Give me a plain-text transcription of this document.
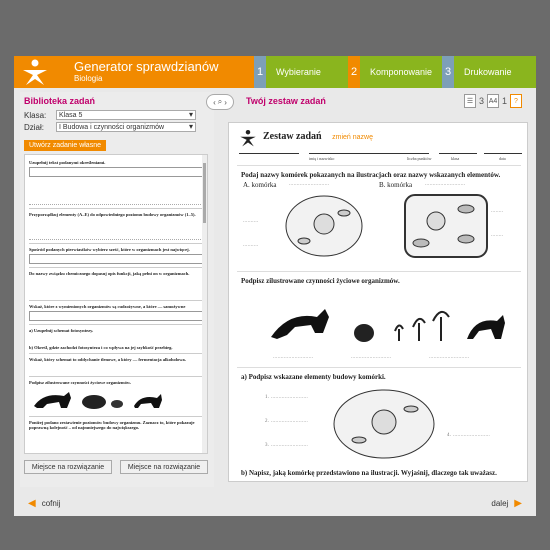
Generator sprawdzianów
Biologia
1	Wybieranie	2	Komponowanie 3	Drukowanie
Biblioteka zadań
Klasa:	Klasa 5 ▾
Dział:	I Budowa i czynności organizmów ▾
Utwórz zadanie własne

Uzupełnij tekst podanymi określeniami.

Przyporządkuj elementy (A–E) do odpowiedniego poziomu budowy organizmów (1–5).

Spośród podanych pierwiastków wybierz sześć, które w organizmach jest najwięcej.

Do nazwy związku chemicznego dopasuj opis funkcji, jaką pełni on w organizmach.

Wskaż, które z wymienionych organizmów są cudzożywne, a które — samożywne

a) Uzupełnij schemat fotosyntezy.

b) Określ, gdzie zachodzi fotosynteza i co wpływa na jej szybkość przebieg.

Wskaż, który schemat to oddychanie tlenowe, a który — fermentacja alkoholowa.

Podpisz zilustrowane czynności życiowe organizmów.

Poniżej podano zestawienie poziomów budowy organizmu. Zaznacz to, które pokazuje poprawną kolejność – od najmniejszego do największego.

Miejsce na rozwiązanie	Miejsce na rozwiązanie
‹ ⌕ › Twój zestaw zadań	☰ 3 A4 1	?
Zestaw zadań zmień nazwę
imię i nazwisko	liczba punktów	klasa	data
Podaj nazwy komórek pokazanych na ilustracjach oraz nazwy wskazanych elementów.
A. komórka	B. komórka
..........................	..........................
..........
..........
........
........
Podpisz zilustrowane czynności życiowe organizmów.
..........................	..........................	..........................
a) Podpisz wskazane elementy budowy komórki.
1. ........................
2. ........................
3. ........................
4. ........................
b) Napisz, jaką komórkę przedstawiono na ilustracji. Wyjaśnij, dlaczego tak uważasz.
◀ cofnij	dalej ▶
